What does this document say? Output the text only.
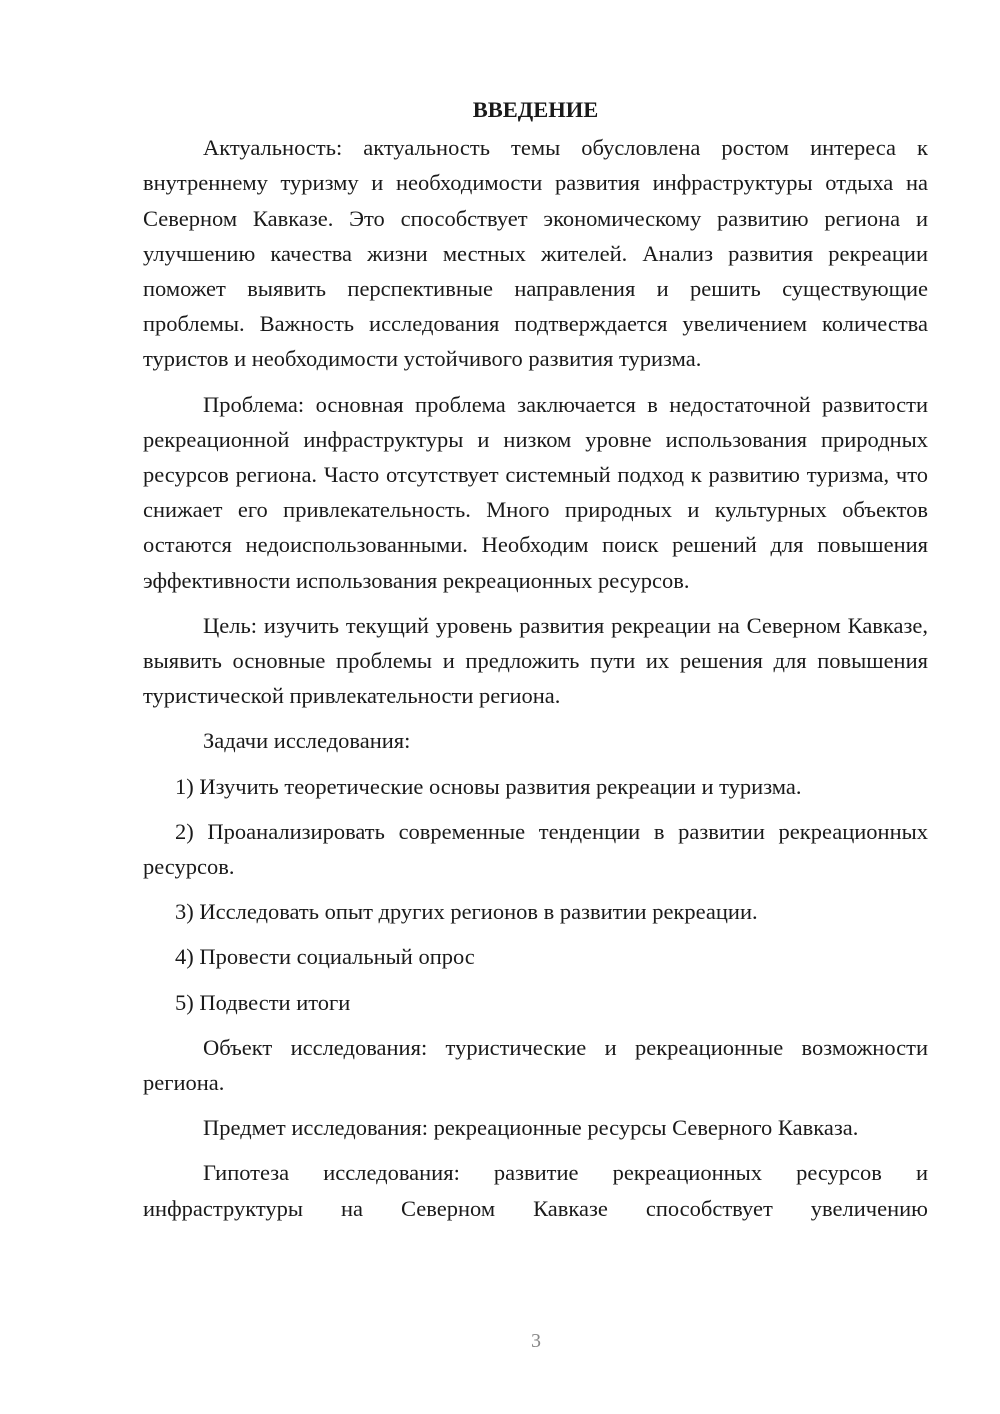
ВВЕДЕНИЕ

Актуальность: актуальность темы обусловлена ростом интереса к внутреннему туризму и необходимости развития инфраструктуры отдыха на Северном Кавказе. Это способствует экономическому развитию региона и улучшению качества жизни местных жителей. Анализ развития рекреации поможет выявить перспективные направления и решить существующие проблемы. Важность исследования подтверждается увеличением количества туристов и необходимости устойчивого развития туризма.

Проблема: основная проблема заключается в недостаточной развитости рекреационной инфраструктуры и низком уровне использования природных ресурсов региона. Часто отсутствует системный подход к развитию туризма, что снижает его привлекательность. Много природных и культурных объектов остаются недоиспользованными. Необходим поиск решений для повышения эффективности использования рекреационных ресурсов.

Цель: изучить текущий уровень развития рекреации на Северном Кавказе, выявить основные проблемы и предложить пути их решения для повышения туристической привлекательности региона.

Задачи исследования:

1) Изучить теоретические основы развития рекреации и туризма.

2) Проанализировать современные тенденции в развитии рекреационных ресурсов.

3) Исследовать опыт других регионов в развитии рекреации.

4) Провести социальный опрос

5) Подвести итоги

Объект исследования: туристические и рекреационные возможности региона.

Предмет исследования: рекреационные ресурсы Северного Кавказа.

Гипотеза исследования: развитие рекреационных ресурсов и инфраструктуры на Северном Кавказе способствует увеличению

3
